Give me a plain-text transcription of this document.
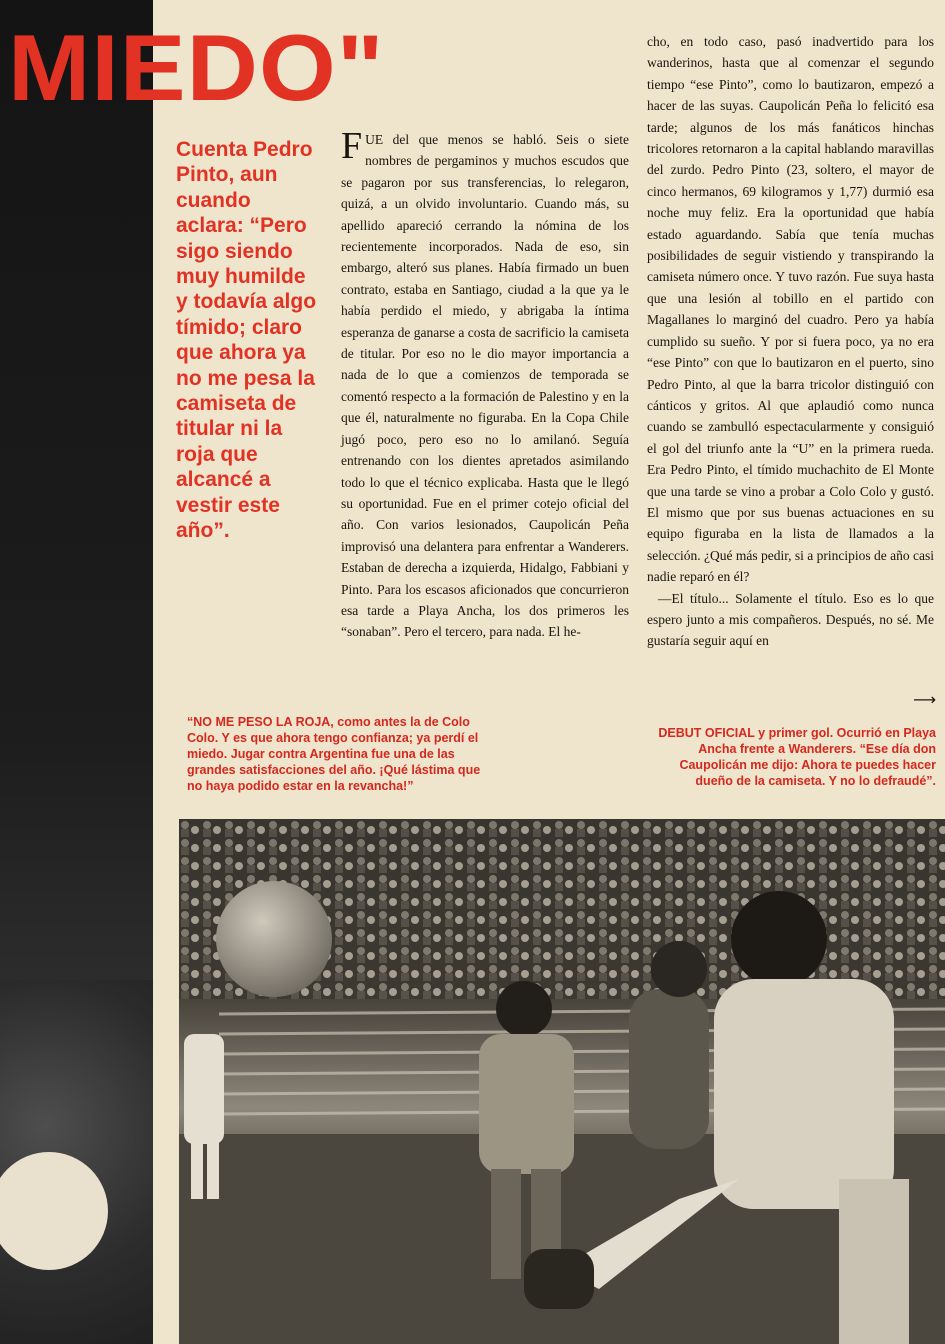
MIEDO"

Cuenta Pedro Pinto, aun cuando aclara: “Pero sigo siendo muy humilde y todavía algo tímido; claro que ahora ya no me pesa la camiseta de titular ni la roja que alcancé a vestir este año”.

FUE del que menos se habló. Seis o siete nombres de pergaminos y muchos escudos que se pagaron por sus transferencias, lo relegaron, quizá, a un olvido involuntario. Cuando más, su apellido apareció cerrando la nómina de los recientemente incorporados. Nada de eso, sin embargo, alteró sus planes. Había firmado un buen contrato, estaba en Santiago, ciudad a la que ya le había perdido el miedo, y abrigaba la íntima esperanza de ganarse a costa de sacrificio la camiseta de titular. Por eso no le dio mayor importancia a nada de lo que a comienzos de temporada se comentó respecto a la formación de Palestino y en la que él, naturalmente no figuraba. En la Copa Chile jugó poco, pero eso no lo amilanó. Seguía entrenando con los dientes apretados asimilando todo lo que el técnico explicaba. Hasta que le llegó su oportunidad. Fue en el primer cotejo oficial del año. Con varios lesionados, Caupolicán Peña improvisó una delantera para enfrentar a Wanderers. Estaban de derecha a izquierda, Hidalgo, Fabbiani y Pinto. Para los escasos aficionados que concurrieron esa tarde a Playa Ancha, los dos primeros les “sonaban”. Pero el tercero, para nada. El he-

cho, en todo caso, pasó inadvertido para los wanderinos, hasta que al comenzar el segundo tiempo “ese Pinto”, como lo bautizaron, empezó a hacer de las suyas. Caupolicán Peña lo felicitó esa tarde; algunos de los más fanáticos hinchas tricolores retornaron a la capital hablando maravillas del zurdo. Pedro Pinto (23, soltero, el mayor de cinco hermanos, 69 kilogramos y 1,77) durmió esa noche muy feliz. Era la oportunidad que había estado aguardando. Sabía que tenía muchas posibilidades de seguir vistiendo y transpirando la camiseta número once. Y tuvo razón. Fue suya hasta que una lesión al tobillo en el partido con Magallanes lo marginó del cuadro. Pero ya había cumplido su sueño. Y por si fuera poco, ya no era “ese Pinto” con que lo bautizaron en el puerto, sino Pedro Pinto, al que la barra tricolor distinguió con cánticos y gritos. Al que aplaudió como nunca cuando se zambulló espectacularmente y consiguió el gol del triunfo ante la “U” en la primera rueda. Era Pedro Pinto, el tímido muchachito de El Monte que una tarde se vino a probar a Colo Colo y gustó. El mismo que por sus buenas actuaciones en su equipo figuraba en la lista de llamados a la selección. ¿Qué más pedir, si a principios de año casi nadie reparó en él?
—El título... Solamente el título. Eso es lo que espero junto a mis compañeros. Después, no sé. Me gustaría seguir aquí en
⟶

“NO ME PESO LA ROJA, como antes la de Colo Colo. Y es que ahora tengo confianza; ya perdí el miedo. Jugar contra Argentina fue una de las grandes satisfacciones del año. ¡Qué lástima que no haya podido estar en la revancha!”

DEBUT OFICIAL y primer gol. Ocurrió en Playa Ancha frente a Wanderers. “Ese día don Caupolicán me dijo: Ahora te puedes hacer dueño de la camiseta. Y no lo defraudé”.
